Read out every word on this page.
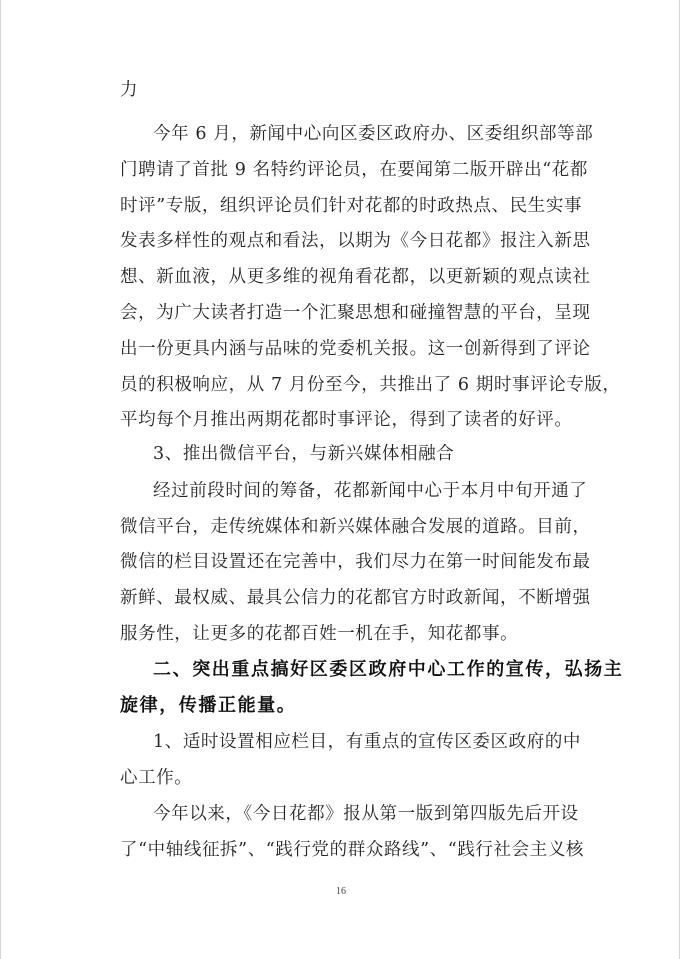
力
今年 6 月，新闻中心向区委区政府办、区委组织部等部
门聘请了首批 9 名特约评论员，在要闻第二版开辟出“花都
时评”专版，组织评论员们针对花都的时政热点、民生实事
发表多样性的观点和看法，以期为《今日花都》报注入新思
想、新血液，从更多维的视角看花都，以更新颖的观点读社
会，为广大读者打造一个汇聚思想和碰撞智慧的平台，呈现
出一份更具内涵与品味的党委机关报。这一创新得到了评论
员的积极响应，从 7 月份至今，共推出了 6 期时事评论专版，
平均每个月推出两期花都时事评论，得到了读者的好评。
3、推出微信平台，与新兴媒体相融合
经过前段时间的筹备，花都新闻中心于本月中旬开通了
微信平台，走传统媒体和新兴媒体融合发展的道路。目前，
微信的栏目设置还在完善中，我们尽力在第一时间能发布最
新鲜、最权威、最具公信力的花都官方时政新闻，不断增强
服务性，让更多的花都百姓一机在手，知花都事。
二、突出重点搞好区委区政府中心工作的宣传，弘扬主
旋律，传播正能量。
1、适时设置相应栏目，有重点的宣传区委区政府的中
心工作。
今年以来，《今日花都》报从第一版到第四版先后开设
了“中轴线征拆”、“践行党的群众路线”、“践行社会主义核
16
